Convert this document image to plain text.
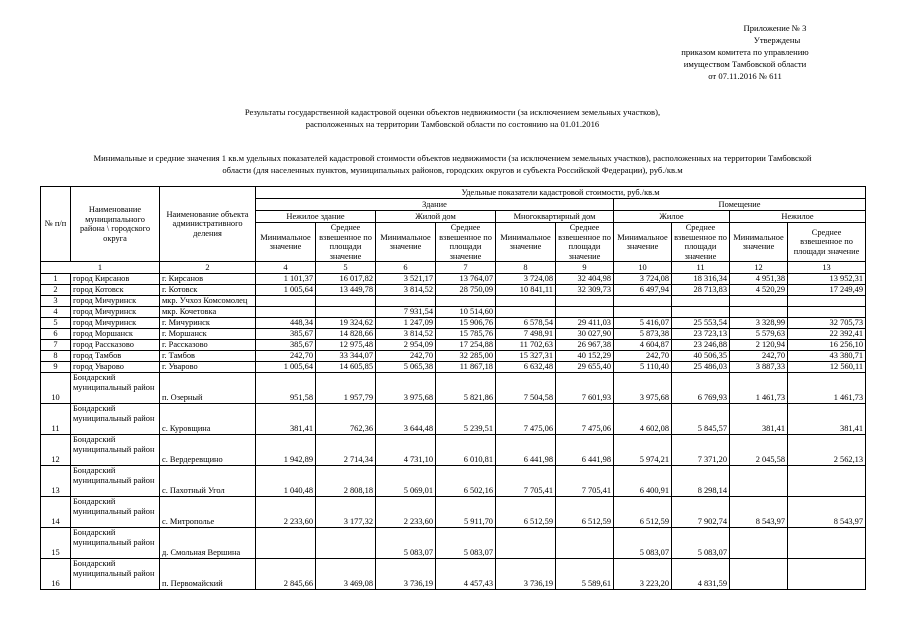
Приложение № 3
Утверждены
приказом комитета по управлению
имуществом Тамбовской области
от 07.11.2016 № 611
Результаты государственной кадастровой оценки объектов недвижимости (за исключением земельных участков),
расположенных на территории Тамбовской области по состоянию на 01.01.2016
Минимальные и средние значения 1 кв.м удельных показателей кадастровой стоимости объектов недвижимости (за исключением земельных участков), расположенных на территории Тамбовской
области (для населенных пунктов, муниципальных районов, городских округов и субъекта Российской Федерации), руб./кв.м
№ п/п	Наименование муниципального района \ городского округа	Наименование объекта административного деления	Удельные показатели кадастровой стоимости, руб./кв.м									
			Здание						Помещение			
			Нежилое здание		Жилой дом		Многоквартирный дом		Жилое		Нежилое	
			Минимальное значение	Среднее взвешенное по площади значение	Минимальное значение	Среднее взвешенное по площади значение	Минимальное значение	Среднее взвешенное по площади значение	Минимальное значение	Среднее взвешенное по площади значение	Минимальное значение	Среднее взвешенное по площади значение
1		2	4	5	6	7	8	9	10	11	12	13
1	город Кирсанов	г. Кирсанов	1 101,37	16 017,82	3 521,17	13 764,07	3 724,08	32 404,98	3 724,08	18 316,34	4 951,38	13 952,31
2	город Котовск	г. Котовск	1 005,64	13 449,78	3 814,52	28 750,09	10 841,11	32 309,73	6 497,94	28 713,83	4 520,29	17 249,49
3	город Мичуринск	мкр. Учхоз Комсомолец										
4	город Мичуринск	мкр. Кочетовка			7 931,54	10 514,60						
5	город Мичуринск	г. Мичуринск	448,34	19 324,62	1 247,09	15 906,76	6 578,54	29 411,03	5 416,07	25 553,54	3 328,99	32 705,73
6	город Моршанск	г. Моршанск	385,67	14 828,66	3 814,52	15 785,76	7 498,91	30 027,90	5 873,38	23 723,13	5 579,63	22 392,41
7	город Рассказово	г. Рассказово	385,67	12 975,48	2 954,09	17 254,88	11 702,63	26 967,38	4 604,87	23 246,88	2 120,94	16 256,10
8	город Тамбов	г. Тамбов	242,70	33 344,07	242,70	32 285,00	15 327,31	40 152,29	242,70	40 506,35	242,70	43 380,71
9	город Уварово	г. Уварово	1 005,64	14 605,85	5 065,38	11 867,18	6 632,48	29 655,40	5 110,40	25 486,03	3 887,33	12 560,11
10	Бондарский муниципальный район	п. Озерный	951,58	1 957,79	3 975,68	5 821,86	7 504,58	7 601,93	3 975,68	6 769,93	1 461,73	1 461,73
11	Бондарский муниципальный район	с. Куровщина	381,41	762,36	3 644,48	5 239,51	7 475,06	7 475,06	4 602,08	5 845,57	381,41	381,41
12	Бондарский муниципальный район	с. Вердеревщино	1 942,89	2 714,34	4 731,10	6 010,81	6 441,98	6 441,98	5 974,21	7 371,20	2 045,58	2 562,13
13	Бондарский муниципальный район	с. Пахотный Угол	1 040,48	2 808,18	5 069,01	6 502,16	7 705,41	7 705,41	6 400,91	8 298,14		
14	Бондарский муниципальный район	с. Митрополье	2 233,60	3 177,32	2 233,60	5 911,70	6 512,59	6 512,59	6 512,59	7 902,74	8 543,97	8 543,97
15	Бондарский муниципальный район	д. Смольная Вершина			5 083,07	5 083,07			5 083,07	5 083,07		
16	Бондарский муниципальный район	п. Первомайский	2 845,66	3 469,08	3 736,19	4 457,43	3 736,19	5 589,61	3 223,20	4 831,59		
